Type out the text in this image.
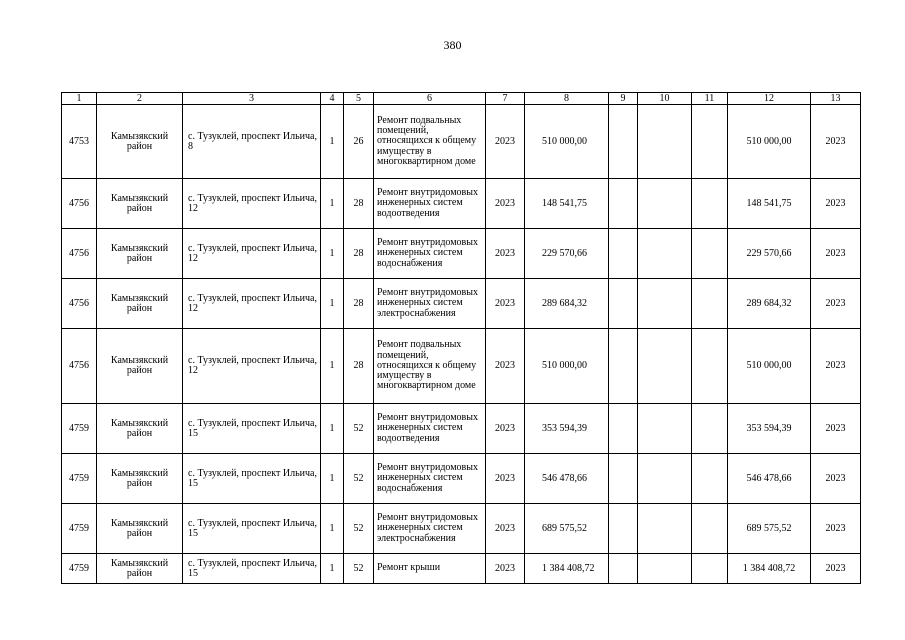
380
1	2	3	4	5	6	7	8	9	10	11	12	13
4753	Камызякский район	с. Тузуклей, проспект Ильича, 8	1	26	Ремонт подвальных помещений, относящихся к общему имуществу в многоквартирном доме	2023	510 000,00				510 000,00	2023
4756	Камызякский район	с. Тузуклей, проспект Ильича, 12	1	28	Ремонт внутридомовых инженерных систем водоотведения	2023	148 541,75				148 541,75	2023
4756	Камызякский район	с. Тузуклей, проспект Ильича, 12	1	28	Ремонт внутридомовых инженерных систем водоснабжения	2023	229 570,66				229 570,66	2023
4756	Камызякский район	с. Тузуклей, проспект Ильича, 12	1	28	Ремонт внутридомовых инженерных систем электроснабжения	2023	289 684,32				289 684,32	2023
4756	Камызякский район	с. Тузуклей, проспект Ильича, 12	1	28	Ремонт подвальных помещений, относящихся к общему имуществу в многоквартирном доме	2023	510 000,00				510 000,00	2023
4759	Камызякский район	с. Тузуклей, проспект Ильича, 15	1	52	Ремонт внутридомовых инженерных систем водоотведения	2023	353 594,39				353 594,39	2023
4759	Камызякский район	с. Тузуклей, проспект Ильича, 15	1	52	Ремонт внутридомовых инженерных систем водоснабжения	2023	546 478,66				546 478,66	2023
4759	Камызякский район	с. Тузуклей, проспект Ильича, 15	1	52	Ремонт внутридомовых инженерных систем электроснабжения	2023	689 575,52				689 575,52	2023
4759	Камызякский район	с. Тузуклей, проспект Ильича, 15	1	52	Ремонт крыши	2023	1 384 408,72				1 384 408,72	2023
